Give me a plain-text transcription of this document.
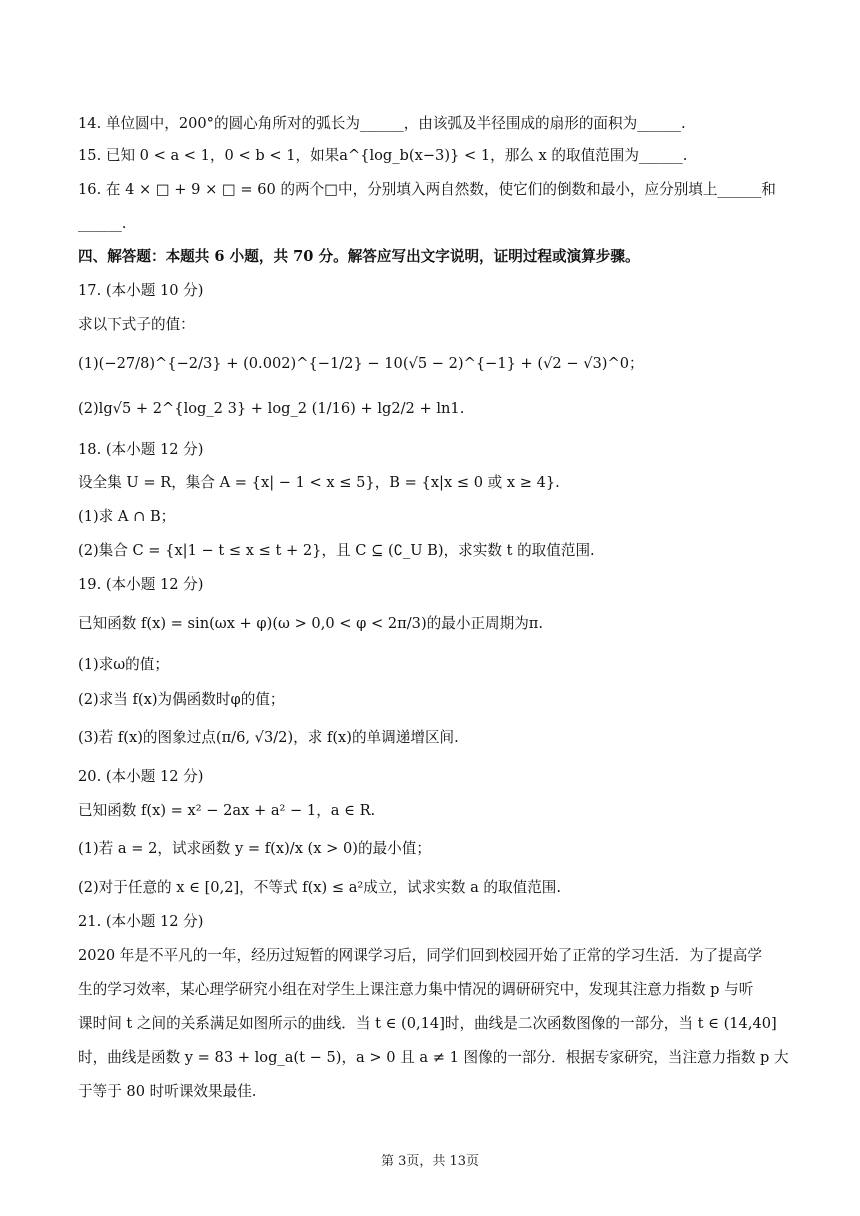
14. 单位圆中，200°的圆心角所对的弧长为______，由该弧及半径围成的扇形的面积为______.
15. 已知 0 < a < 1，0 < b < 1，如果a^{log_b(x−3)} < 1，那么 x 的取值范围为______.
16. 在 4 × □ + 9 × □ = 60 的两个□中，分别填入两自然数，使它们的倒数和最小，应分别填上______和
______.
四、解答题：本题共 6 小题，共 70 分。解答应写出文字说明，证明过程或演算步骤。
17. (本小题 10 分)
求以下式子的值：
(1)(−27/8)^{−2/3} + (0.002)^{−1/2} − 10(√5 − 2)^{−1} + (√2 − √3)^0；
(2)lg√5 + 2^{log_2 3} + log_2 (1/16) + lg2/2 + ln1.
18. (本小题 12 分)
设全集 U = R，集合 A = {x| − 1 < x ≤ 5}，B = {x|x ≤ 0 或 x ≥ 4}.
(1)求 A ∩ B；
(2)集合 C = {x|1 − t ≤ x ≤ t + 2}，且 C ⊆ (∁_U B)，求实数 t 的取值范围.
19. (本小题 12 分)
已知函数 f(x) = sin(ωx + φ)(ω > 0,0 < φ < 2π/3)的最小正周期为π.
(1)求ω的值；
(2)求当 f(x)为偶函数时φ的值；
(3)若 f(x)的图象过点(π/6, √3/2)，求 f(x)的单调递增区间.
20. (本小题 12 分)
已知函数 f(x) = x² − 2ax + a² − 1，a ∈ R.
(1)若 a = 2，试求函数 y = f(x)/x (x > 0)的最小值；
(2)对于任意的 x ∈ [0,2]，不等式 f(x) ≤ a²成立，试求实数 a 的取值范围.
21. (本小题 12 分)
2020 年是不平凡的一年，经历过短暂的网课学习后，同学们回到校园开始了正常的学习生活．为了提高学
生的学习效率，某心理学研究小组在对学生上课注意力集中情况的调研研究中，发现其注意力指数 p 与听
课时间 t 之间的关系满足如图所示的曲线．当 t ∈ (0,14]时，曲线是二次函数图像的一部分，当 t ∈ (14,40]
时，曲线是函数 y = 83 + log_a(t − 5)，a > 0 且 a ≠ 1 图像的一部分．根据专家研究，当注意力指数 p 大
于等于 80 时听课效果最佳.
第 3页，共 13页
